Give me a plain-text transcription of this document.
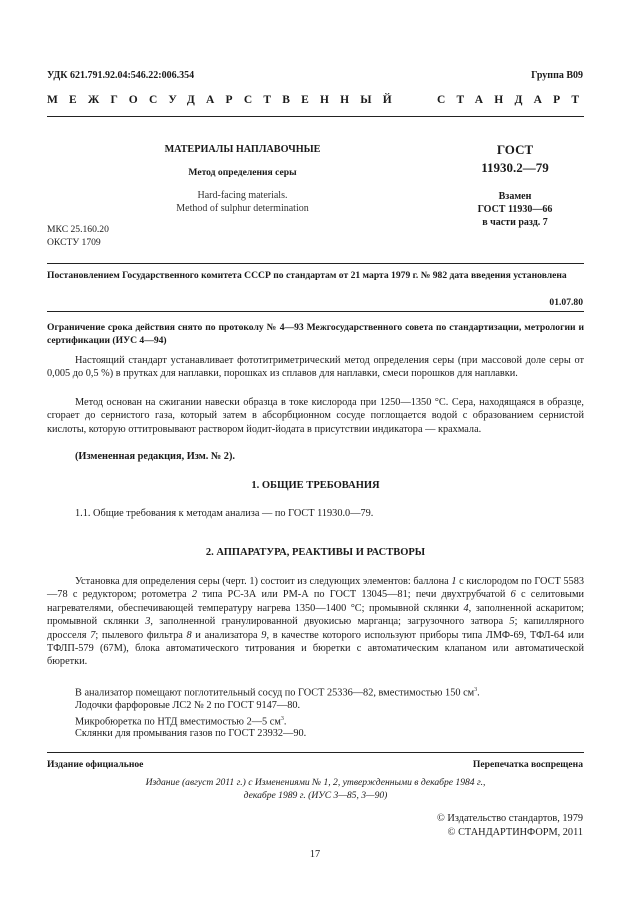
УДК 621.791.92.04:546.22:006.354	Группа В09
МЕЖГОСУДАРСТВЕННЫЙ	СТАНДАРТ
МАТЕРИАЛЫ НАПЛАВОЧНЫЕ
Метод определения серы
Hard-facing materials.
Method of sulphur determination
МКС 25.160.20
ОКСТУ 1709
ГОСТ
11930.2—79
Взамен
ГОСТ 11930—66
в части разд. 7
Постановлением Государственного комитета СССР по стандартам от 21 марта 1979 г. № 982 дата введения установлена
01.07.80
Ограничение срока действия снято по протоколу № 4—93 Межгосударственного совета по стандартизации, метрологии и сертификации (ИУС 4—94)
Настоящий стандарт устанавливает фототитриметрический метод определения серы (при массовой доле серы от 0,005 до 0,5 %) в прутках для наплавки, порошках из сплавов для наплавки, смеси порошков для наплавки.
Метод основан на сжигании навески образца в токе кислорода при 1250—1350 °С. Сера, находящаяся в образце, сгорает до сернистого газа, который затем в абсорбционном сосуде поглощается водой с образованием сернистой кислоты, которую оттитровывают раствором йодит-йодата в присутствии индикатора — крахмала.
(Измененная редакция, Изм. № 2).
1. ОБЩИЕ ТРЕБОВАНИЯ
1.1. Общие требования к методам анализа — по ГОСТ 11930.0—79.
2. АППАРАТУРА, РЕАКТИВЫ И РАСТВОРЫ
Установка для определения серы (черт. 1) состоит из следующих элементов: баллона 1 с кислородом по ГОСТ 5583—78 с редуктором; ротометра 2 типа РС-3А или РМ-А по ГОСТ 13045—81; печи двухтрубчатой 6 с селитовыми нагревателями, обеспечивающей температуру нагрева 1350—1400 °С; промывной склянки 4, заполненной аскаритом; промывной склянки 3, заполненной гранулированной двуокисью марганца; загрузочного затвора 5; капиллярного дросселя 7; пылевого фильтра 8 и анализатора 9, в качестве которого используют приборы типа ЛМФ-69, ТФЛ-64 или ТФЛП-579 (67М), блока автоматического титрования и бюретки с автоматическим клапаном или автоматической бюретки.
В анализатор помещают поглотительный сосуд по ГОСТ 25336—82, вместимостью 150 $см^3$.
Лодочки фарфоровые ЛС2 № 2 по ГОСТ 9147—80.
Микробюретка по НТД вместимостью 2—5 $см^3$.
Склянки для промывания газов по ГОСТ 23932—90.
Издание официальное	Перепечатка воспрещена
Издание (август 2011 г.) с Изменениями № 1, 2, утвержденными в декабре 1984 г.,
декабре 1989 г. (ИУС 3—85, 3—90)
© Издательство стандартов, 1979
© СТАНДАРТИНФОРМ, 2011
17
